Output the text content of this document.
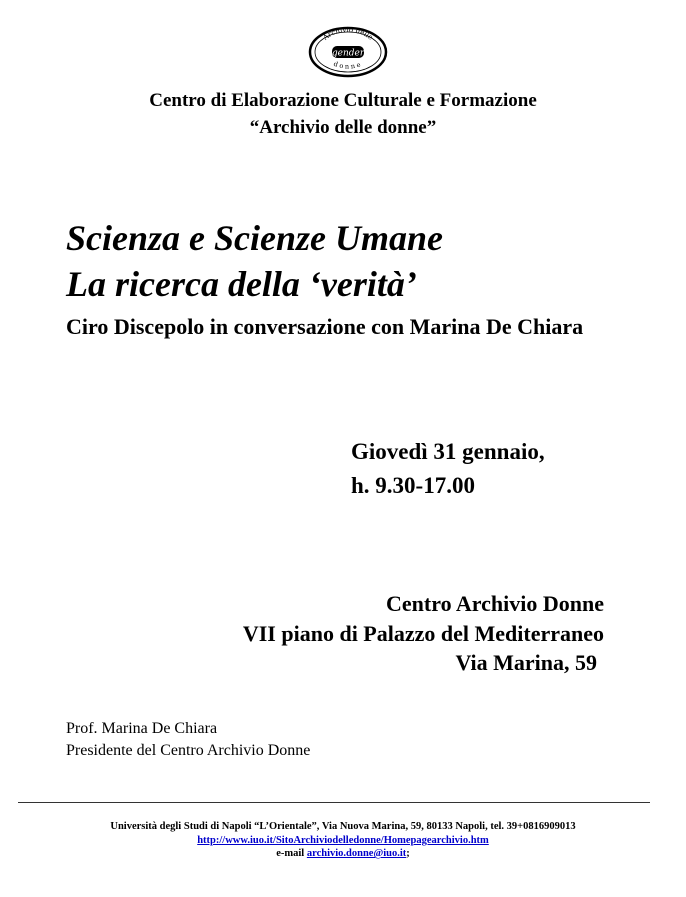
Archivio delle
gender
donne
Centro di Elaborazione Culturale e Formazione
“Archivio delle donne”
Scienza e Scienze Umane
La ricerca della ‘verità’
Ciro Discepolo in conversazione con Marina De Chiara
Giovedì 31 gennaio,
h. 9.30-17.00
Centro Archivio Donne
VII piano di Palazzo del Mediterraneo
Via Marina, 59
Prof. Marina De Chiara
Presidente del Centro Archivio Donne
Università degli Studi di Napoli “L’Orientale”, Via Nuova Marina, 59, 80133 Napoli, tel. 39+0816909013
http://www.iuo.it/SitoArchiviodelledonne/Homepagearchivio.htm
e-mail archivio.donne@iuo.it;
